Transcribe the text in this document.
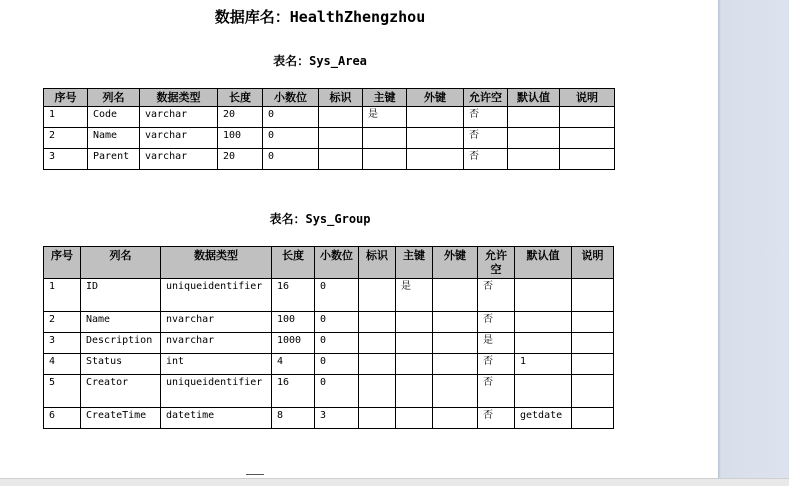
数据库名：HealthZhengzhou
表名：Sys_Area
序号	列名	数据类型	长度	小数位	标识	主键	外键	允许空	默认值	说明
1	Code	varchar	20	0		是		否		
2	Name	varchar	100	0				否		
3	Parent	varchar	20	0				否		
表名：Sys_Group
序号	列名	数据类型	长度	小数位	标识	主键	外键	允许空	默认值	说明
1	ID	uniqueidentifier	16	0		是		否		
2	Name	nvarchar	100	0				否		
3	Description	nvarchar	1000	0				是		
4	Status	int	4	0				否	1	
5	Creator	uniqueidentifier	16	0				否		
6	CreateTime	datetime	8	3				否	getdate	
